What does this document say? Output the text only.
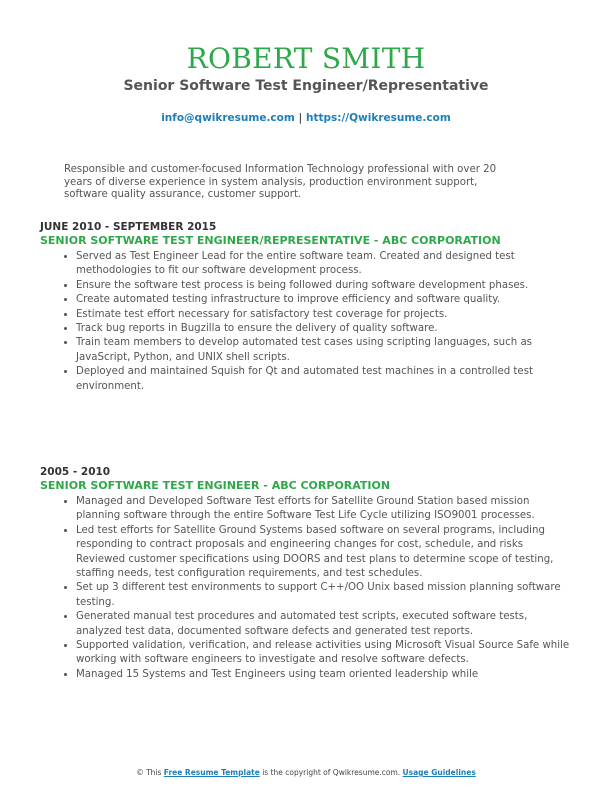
ROBERT SMITH
Senior Software Test Engineer/Representative
info@qwikresume.com | https://Qwikresume.com
Responsible and customer-focused Information Technology professional with over 20 years of diverse experience in system analysis, production environment support, software quality assurance, customer support.
JUNE 2010 - SEPTEMBER 2015
SENIOR SOFTWARE TEST ENGINEER/REPRESENTATIVE - ABC CORPORATION
• Served as Test Engineer Lead for the entire software team. Created and designed test methodologies to fit our software development process.
• Ensure the software test process is being followed during software development phases.
• Create automated testing infrastructure to improve efficiency and software quality.
• Estimate test effort necessary for satisfactory test coverage for projects.
• Track bug reports in Bugzilla to ensure the delivery of quality software.
• Train team members to develop automated test cases using scripting languages, such as JavaScript, Python, and UNIX shell scripts.
• Deployed and maintained Squish for Qt and automated test machines in a controlled test environment.
2005 - 2010
SENIOR SOFTWARE TEST ENGINEER - ABC CORPORATION
• Managed and Developed Software Test efforts for Satellite Ground Station based mission planning software through the entire Software Test Life Cycle utilizing ISO9001 processes.
• Led test efforts for Satellite Ground Systems based software on several programs, including responding to contract proposals and engineering changes for cost, schedule, and risks Reviewed customer specifications using DOORS and test plans to determine scope of testing, staffing needs, test configuration requirements, and test schedules.
• Set up 3 different test environments to support C++/OO Unix based mission planning software testing.
• Generated manual test procedures and automated test scripts, executed software tests, analyzed test data, documented software defects and generated test reports.
• Supported validation, verification, and release activities using Microsoft Visual Source Safe while working with software engineers to investigate and resolve software defects.
• Managed 15 Systems and Test Engineers using team oriented leadership while
© This Free Resume Template is the copyright of Qwikresume.com. Usage Guidelines
